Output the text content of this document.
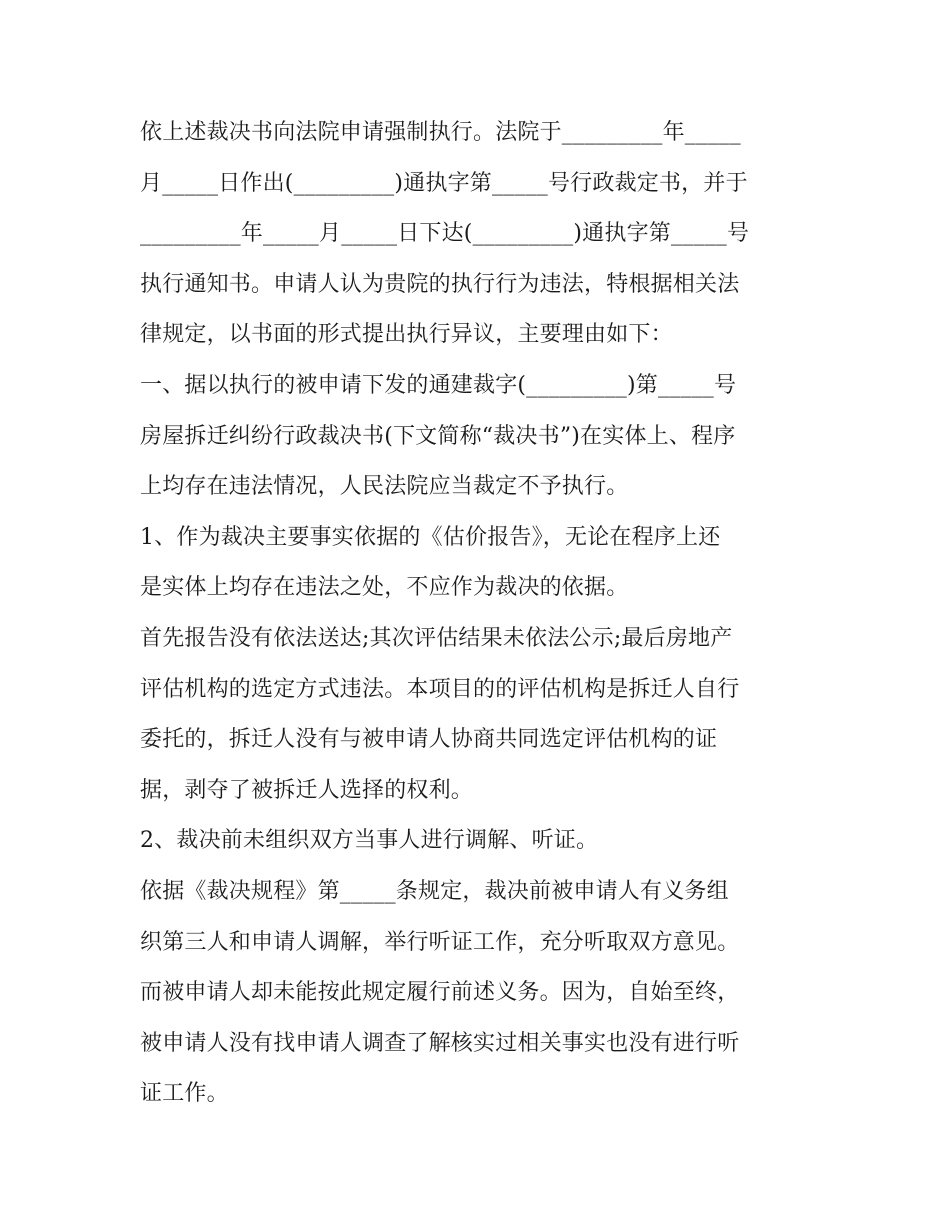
依上述裁决书向法院申请强制执行。法院于_________年_____
月_____日作出(_________)通执字第_____号行政裁定书，并于
_________年_____月_____日下达(_________)通执字第_____号
执行通知书。申请人认为贵院的执行行为违法，特根据相关法
律规定，以书面的形式提出执行异议，主要理由如下：
一、据以执行的被申请下发的通建裁字(_________)第_____号
房屋拆迁纠纷行政裁决书(下文简称“裁决书”)在实体上、程序
上均存在违法情况，人民法院应当裁定不予执行。
1、作为裁决主要事实依据的《估价报告》，无论在程序上还
是实体上均存在违法之处，不应作为裁决的依据。
首先报告没有依法送达;其次评估结果未依法公示;最后房地产
评估机构的选定方式违法。本项目的的评估机构是拆迁人自行
委托的，拆迁人没有与被申请人协商共同选定评估机构的证
据，剥夺了被拆迁人选择的权利。
2、裁决前未组织双方当事人进行调解、听证。
依据《裁决规程》第_____条规定，裁决前被申请人有义务组
织第三人和申请人调解，举行听证工作，充分听取双方意见。
而被申请人却未能按此规定履行前述义务。因为，自始至终，
被申请人没有找申请人调查了解核实过相关事实也没有进行听
证工作。
